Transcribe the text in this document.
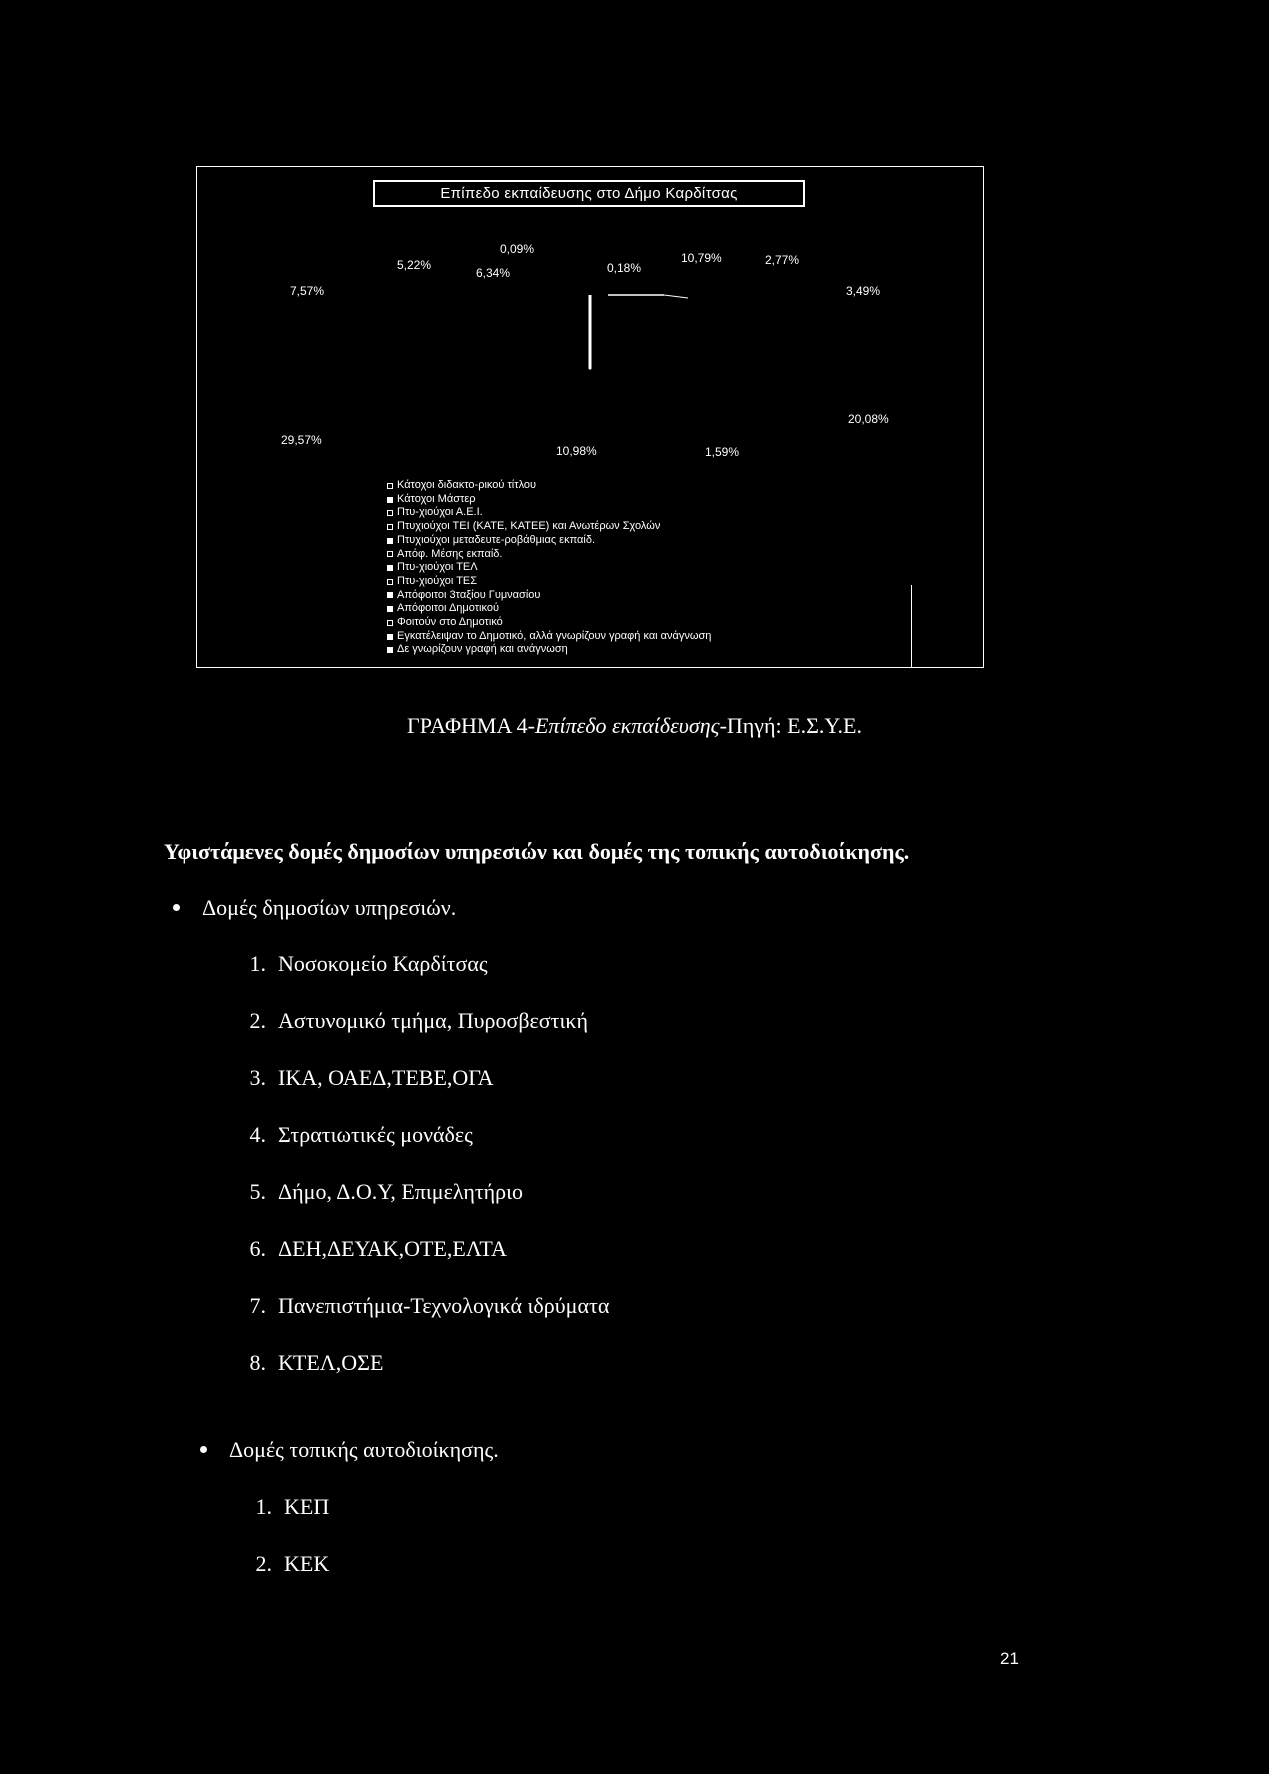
Επίπεδο εκπαίδευσης στο Δήμο Καρδίτσας
7,57%
5,22%
0,09%
6,34%	0,18%
10,79%	2,77%
3,49%
20,08%
29,57%
10,98%	1,59%
Κάτοχοι διδακτο-ρικού τίτλου
Κάτοχοι Μάστερ
Πτυ-χιούχοι Α.Ε.Ι.
Πτυχιούχοι ΤΕΙ (ΚΑΤΕ, ΚΑΤΕΕ) και Ανωτέρων Σχολών
Πτυχιούχοι μεταδευτε-ροβάθμιας εκπαίδ.
Απόφ. Μέσης εκπαίδ.
Πτυ-χιούχοι ΤΕΛ
Πτυ-χιούχοι ΤΕΣ
Απόφοιτοι 3ταξίου Γυμνασίου
Απόφοιτοι Δημοτικού
Φοιτούν στο Δημοτικό
Εγκατέλειψαν το Δημοτικό, αλλά γνωρίζουν γραφή και ανάγνωση
Δε γνωρίζουν γραφή και ανάγνωση
ΓΡΑΦΗΜΑ 4-Επίπεδο εκπαίδευσης-Πηγή: Ε.Σ.Υ.Ε.
Υφιστάμενες δομές δημοσίων υπηρεσιών και δομές της τοπικής αυτοδιοίκησης.
Δομές δημοσίων υπηρεσιών.
1. Νοσοκομείο Καρδίτσας
2. Αστυνομικό τμήμα, Πυροσβεστική
3. ΙΚΑ, ΟΑΕΔ,ΤΕΒΕ,ΟΓΑ
4. Στρατιωτικές μονάδες
5. Δήμο, Δ.Ο.Υ, Επιμελητήριο
6. ΔΕΗ,ΔΕΥΑΚ,ΟΤΕ,ΕΛΤΑ
7. Πανεπιστήμια-Τεχνολογικά ιδρύματα
8. ΚΤΕΛ,ΟΣΕ
Δομές τοπικής αυτοδιοίκησης.
1. ΚΕΠ
2. ΚΕΚ
21
